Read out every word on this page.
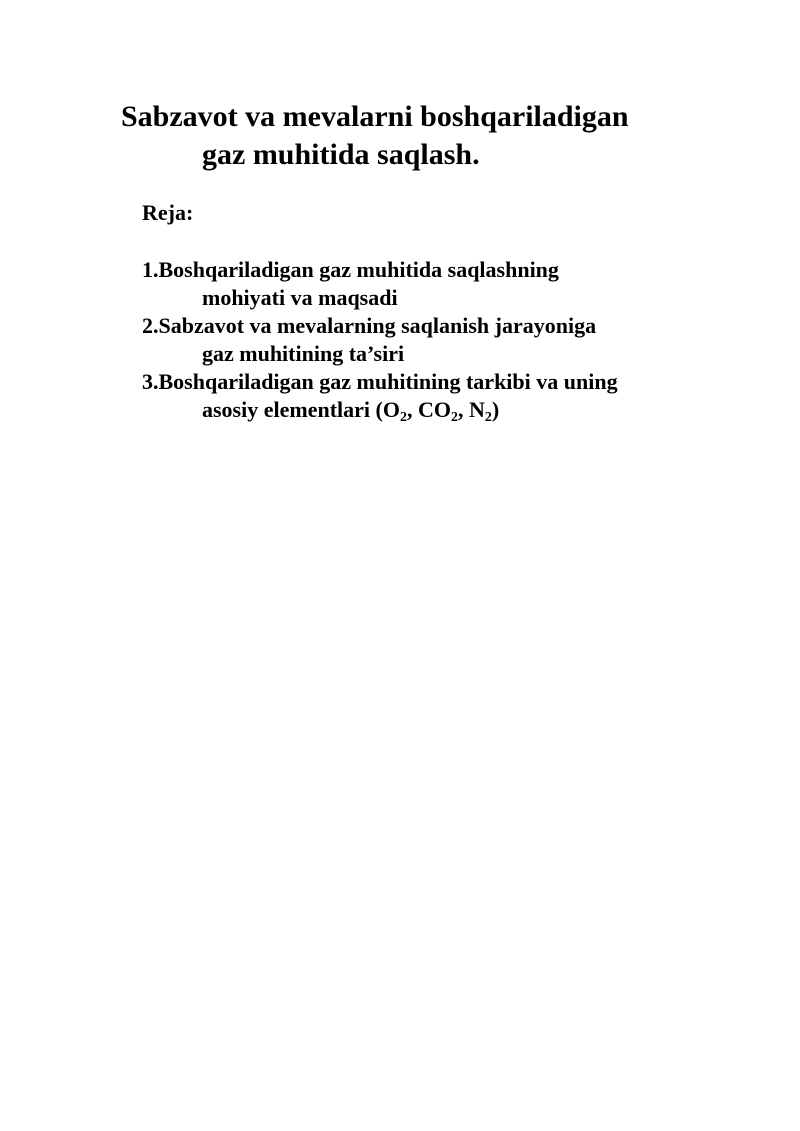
Sabzavot va mevalarni boshqariladigan
gaz muhitida saqlash.

Reja:

1.Boshqariladigan gaz muhitida saqlashning
mohiyati va maqsadi
2.Sabzavot va mevalarning saqlanish jarayoniga
gaz muhitining ta’siri
3.Boshqariladigan gaz muhitining tarkibi va uning
asosiy elementlari ($O_2$, $CO_2$, $N_2$)
